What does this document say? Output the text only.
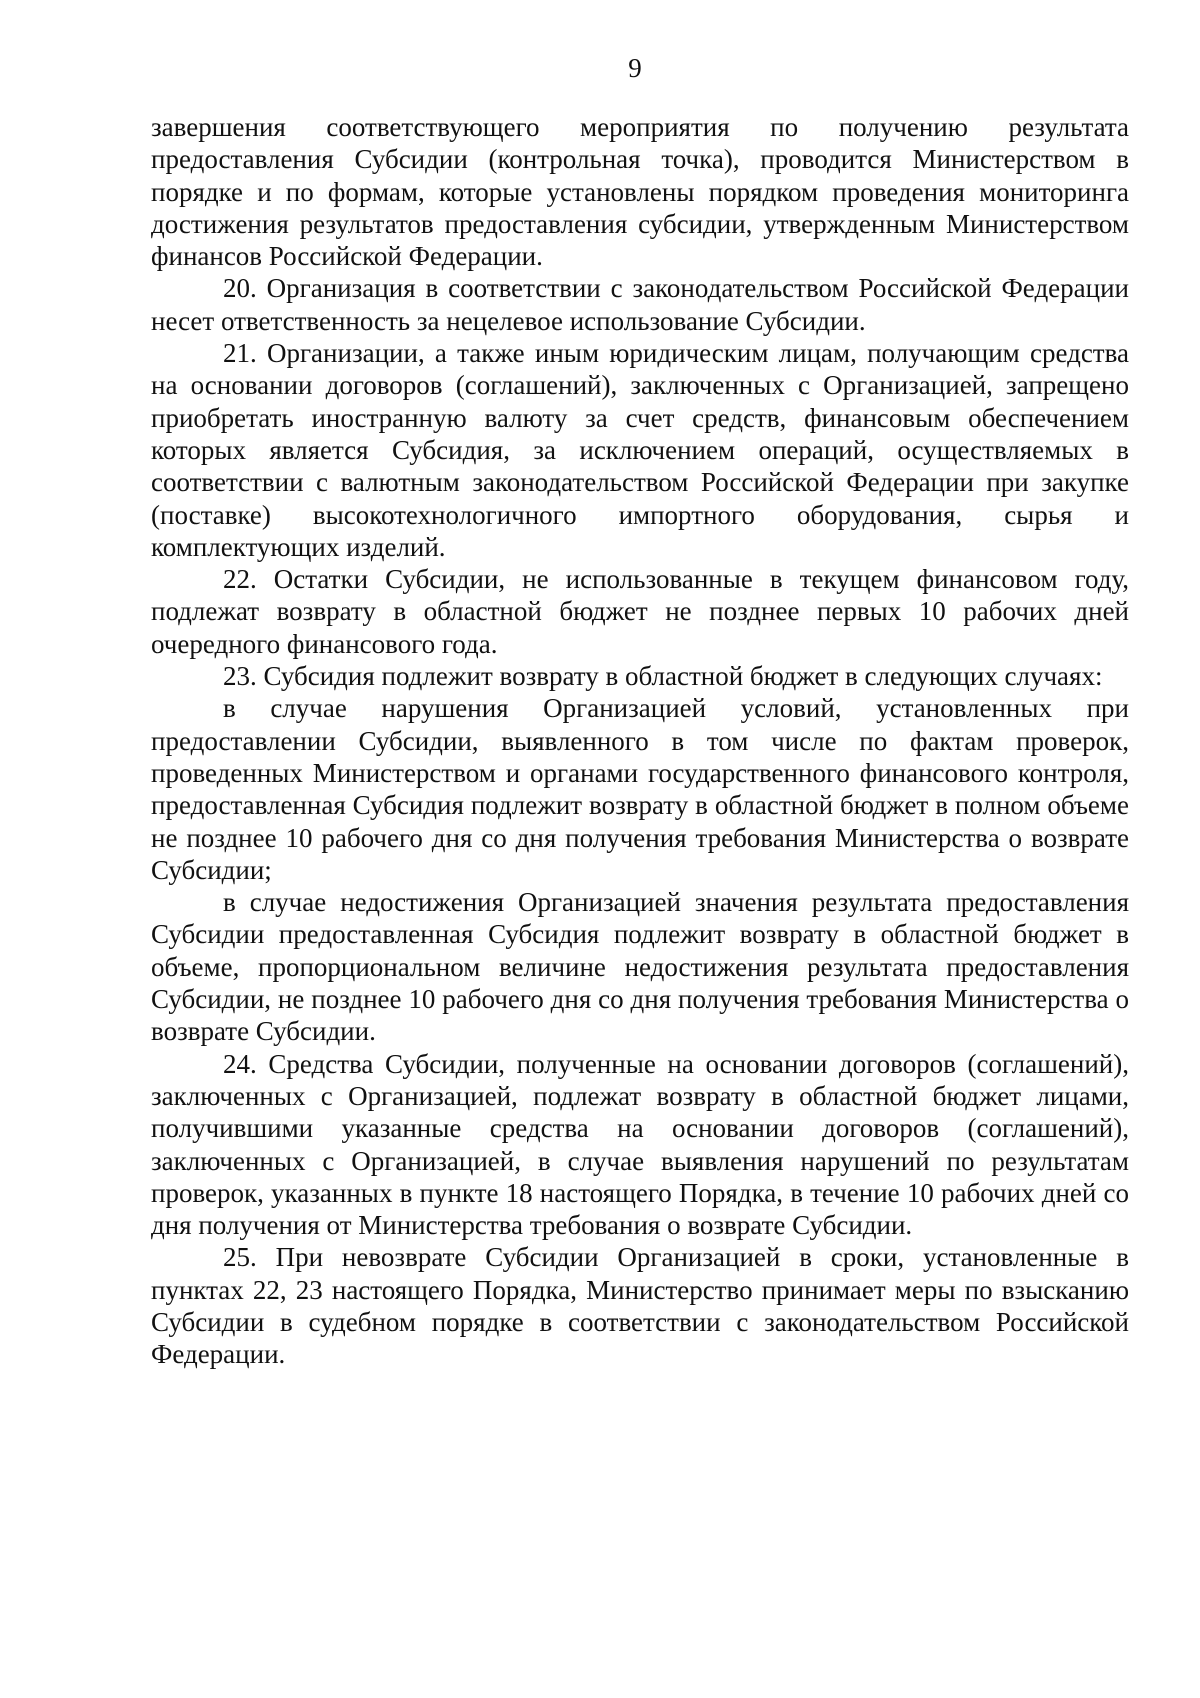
9

завершения соответствующего мероприятия по получению результата предоставления Субсидии (контрольная точка), проводится Министерством в порядке и по формам, которые установлены порядком проведения мониторинга достижения результатов предоставления субсидии, утвержденным Министерством финансов Российской Федерации.

20. Организация в соответствии с законодательством Российской Федерации несет ответственность за нецелевое использование Субсидии.

21. Организации, а также иным юридическим лицам, получающим средства на основании договоров (соглашений), заключенных с Организацией, запрещено приобретать иностранную валюту за счет средств, финансовым обеспечением которых является Субсидия, за исключением операций, осуществляемых в соответствии с валютным законодательством Российской Федерации при закупке (поставке) высокотехнологичного импортного оборудования, сырья и комплектующих изделий.

22. Остатки Субсидии, не использованные в текущем финансовом году, подлежат возврату в областной бюджет не позднее первых 10 рабочих дней очередного финансового года.

23. Субсидия подлежит возврату в областной бюджет в следующих случаях:

в случае нарушения Организацией условий, установленных при предоставлении Субсидии, выявленного в том числе по фактам проверок, проведенных Министерством и органами государственного финансового контроля, предоставленная Субсидия подлежит возврату в областной бюджет в полном объеме не позднее 10 рабочего дня со дня получения требования Министерства о возврате Субсидии;

в случае недостижения Организацией значения результата предоставления Субсидии предоставленная Субсидия подлежит возврату в областной бюджет в объеме, пропорциональном величине недостижения результата предоставления Субсидии, не позднее 10 рабочего дня со дня получения требования Министерства о возврате Субсидии.

24. Средства Субсидии, полученные на основании договоров (соглашений), заключенных с Организацией, подлежат возврату в областной бюджет лицами, получившими указанные средства на основании договоров (соглашений), заключенных с Организацией, в случае выявления нарушений по результатам проверок, указанных в пункте 18 настоящего Порядка, в течение 10 рабочих дней со дня получения от Министерства требования о возврате Субсидии.

25. При невозврате Субсидии Организацией в сроки, установленные в пунктах 22, 23 настоящего Порядка, Министерство принимает меры по взысканию Субсидии в судебном порядке в соответствии с законодательством Российской Федерации.
